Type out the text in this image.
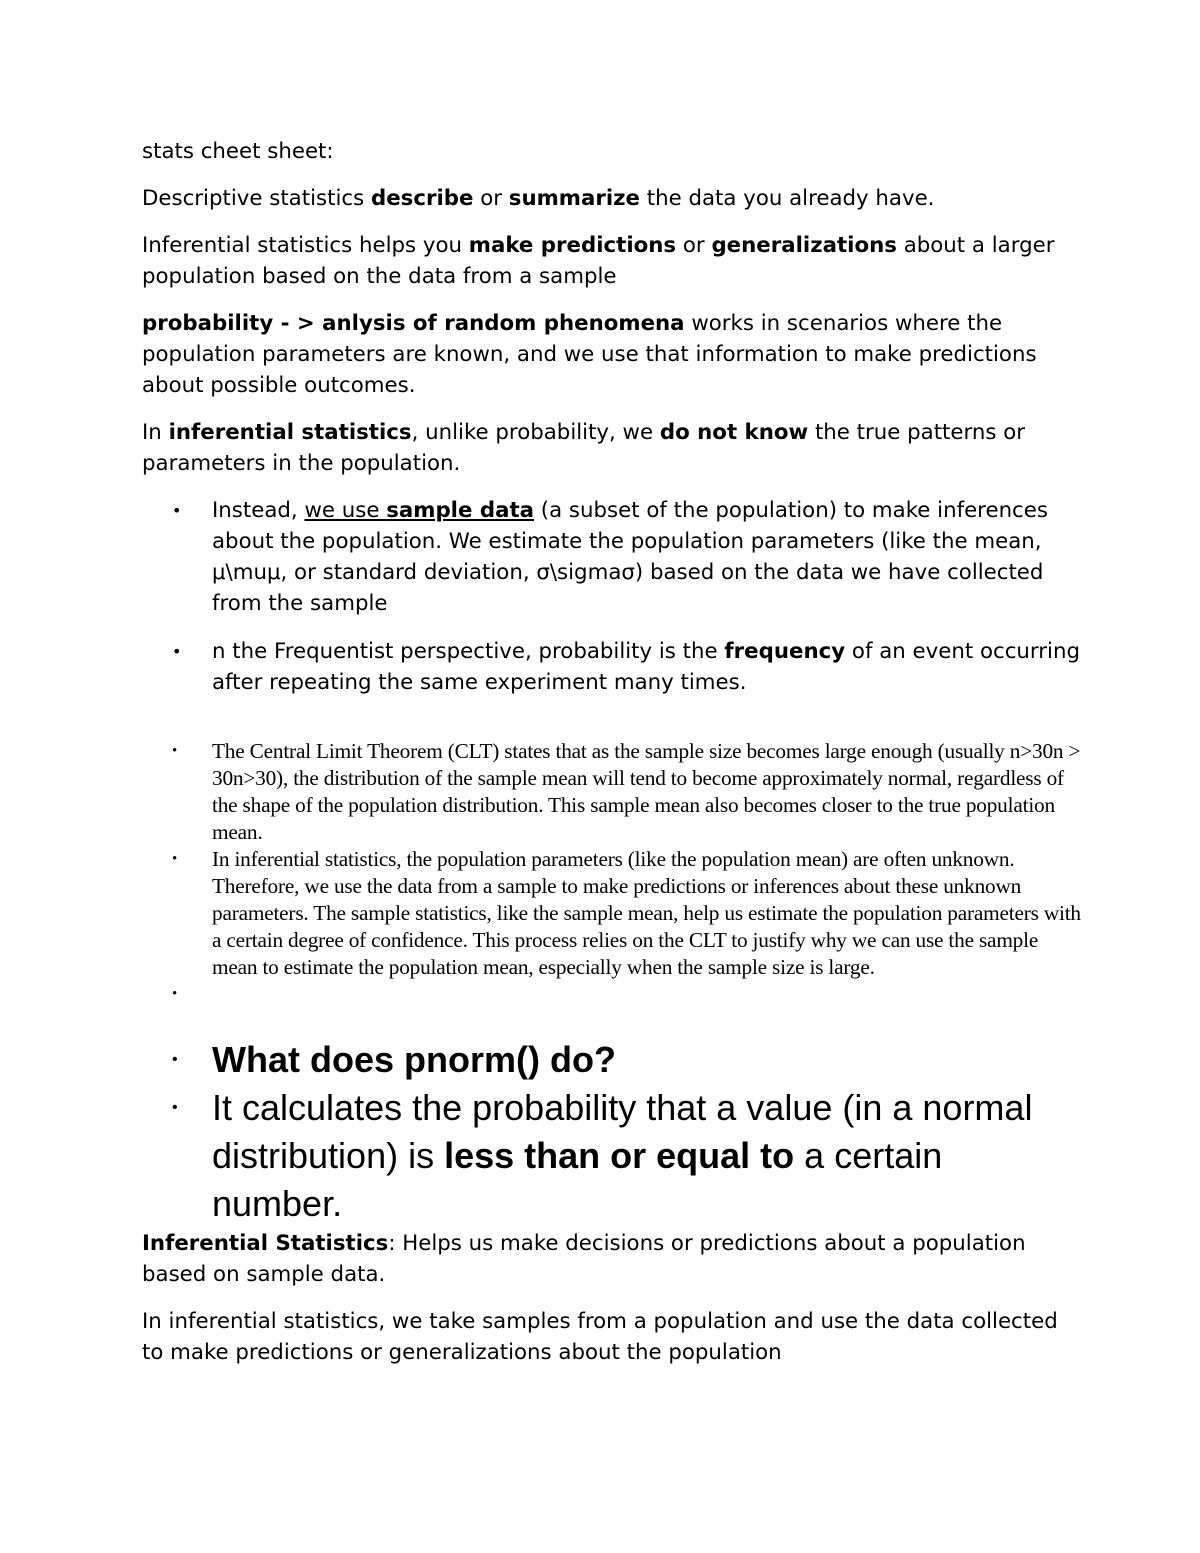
stats cheet sheet:

Descriptive statistics describe or summarize the data you already have.

Inferential statistics helps you make predictions or generalizations about a larger population based on the data from a sample

probability - > anlysis of random phenomena works in scenarios where the population parameters are known, and we use that information to make predictions about possible outcomes.

In inferential statistics, unlike probability, we do not know the true patterns or parameters in the population.

• Instead, we use sample data (a subset of the population) to make inferences about the population. We estimate the population parameters (like the mean, μ\muμ, or standard deviation, σ\sigmaσ) based on the data we have collected from the sample
• n the Frequentist perspective, probability is the frequency of an event occurring after repeating the same experiment many times.
• The Central Limit Theorem (CLT) states that as the sample size becomes large enough (usually n>30n > 30n>30), the distribution of the sample mean will tend to become approximately normal, regardless of the shape of the population distribution. This sample mean also becomes closer to the true population mean.
• In inferential statistics, the population parameters (like the population mean) are often unknown. Therefore, we use the data from a sample to make predictions or inferences about these unknown parameters. The sample statistics, like the sample mean, help us estimate the population parameters with a certain degree of confidence. This process relies on the CLT to justify why we can use the sample mean to estimate the population mean, especially when the sample size is large.
•
• What does pnorm() do?
• It calculates the probability that a value (in a normal distribution) is less than or equal to a certain number.

Inferential Statistics: Helps us make decisions or predictions about a population based on sample data.

In inferential statistics, we take samples from a population and use the data collected to make predictions or generalizations about the population
